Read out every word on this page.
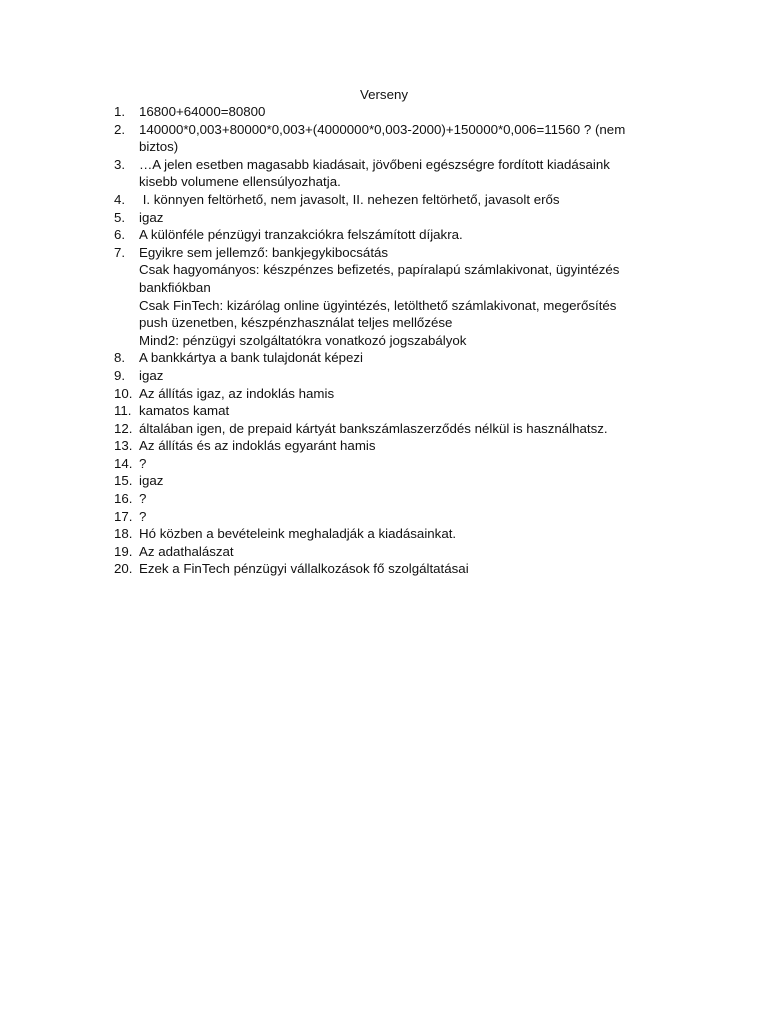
Verseny
1.	16800+64000=80800
2.	140000*0,003+80000*0,003+(4000000*0,003-2000)+150000*0,006=11560 ? (nem
biztos)
3.	…A jelen esetben magasabb kiadásait, jövőbeni egészségre fordított kiadásaink
kisebb volumene ellensúlyozhatja.
4.	I. könnyen feltörhető, nem javasolt, II. nehezen feltörhető, javasolt erős
5.	igaz
6.	A különféle pénzügyi tranzakciókra felszámított díjakra.
7.	Egyikre sem jellemző: bankjegykibocsátás
Csak hagyományos: készpénzes befizetés, papíralapú számlakivonat, ügyintézés
bankfiókban
Csak FinTech: kizárólag online ügyintézés, letölthető számlakivonat, megerősítés
push üzenetben, készpénzhasználat teljes mellőzése
Mind2: pénzügyi szolgáltatókra vonatkozó jogszabályok
8.	A bankkártya a bank tulajdonát képezi
9.	igaz
10. Az állítás igaz, az indoklás hamis
11. kamatos kamat
12. általában igen, de prepaid kártyát bankszámlaszerződés nélkül is használhatsz.
13. Az állítás és az indoklás egyaránt hamis
14. ?
15. igaz
16. ?
17. ?
18. Hó közben a bevételeink meghaladják a kiadásainkat.
19. Az adathalászat
20. Ezek a FinTech pénzügyi vállalkozások fő szolgáltatásai
